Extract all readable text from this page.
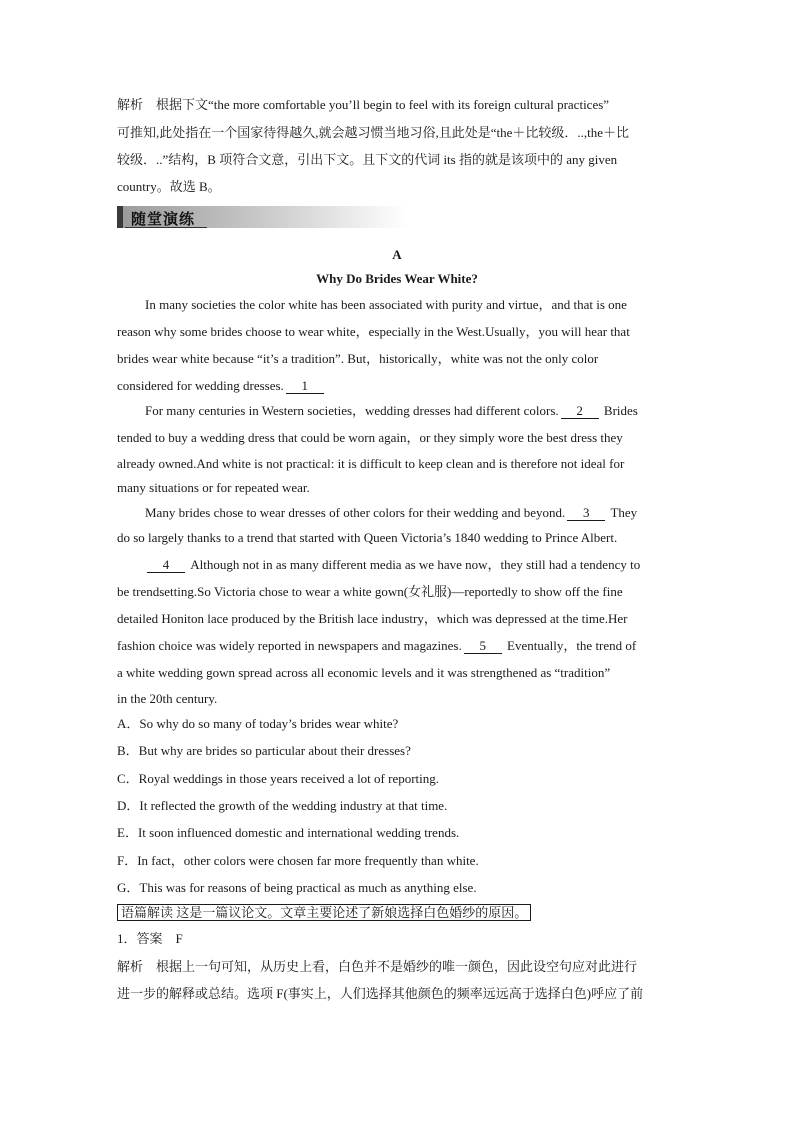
解析　根据下文“the more comfortable you’ll begin to feel with its foreign cultural practices”
可推知,此处指在一个国家待得越久,就会越习惯当地习俗,且此处是“the＋比较级．..,the＋比
较级．..”结构，B 项符合文意，引出下文。且下文的代词 its 指的就是该项中的 any given
country。故选 B。
随堂演练
A
Why Do Brides Wear White?
In many societies the color white has been associated with purity and virtue，and that is one
reason why some brides choose to wear white，especially in the West.Usually，you will hear that
brides wear white because “it’s a tradition”. But，historically，white was not the only color
considered for wedding dresses. 1
For many centuries in Western societies，wedding dresses had different colors. 2 Brides
tended to buy a wedding dress that could be worn again，or they simply wore the best dress they
already owned.And white is not practical: it is difficult to keep clean and is therefore not ideal for
many situations or for repeated wear.
Many brides chose to wear dresses of other colors for their wedding and beyond. 3 They
do so largely thanks to a trend that started with Queen Victoria’s 1840 wedding to Prince Albert.
4 Although not in as many different media as we have now，they still had a tendency to
be trendsetting.So Victoria chose to wear a white gown(女礼服)—reportedly to show off the fine
detailed Honiton lace produced by the British lace industry，which was depressed at the time.Her
fashion choice was widely reported in newspapers and magazines. 5 Eventually，the trend of
a white wedding gown spread across all economic levels and it was strengthened as “tradition”
in the 20th century.
A．So why do so many of today’s brides wear white?
B．But why are brides so particular about their dresses?
C．Royal weddings in those years received a lot of reporting.
D．It reflected the growth of the wedding industry at that time.
E．It soon influenced domestic and international wedding trends.
F．In fact，other colors were chosen far more frequently than white.
G．This was for reasons of being practical as much as anything else.
语篇解读 这是一篇议论文。文章主要论述了新娘选择白色婚纱的原因。
1．答案　F
解析　根据上一句可知，从历史上看，白色并不是婚纱的唯一颜色，因此设空句应对此进行
进一步的解释或总结。选项 F(事实上，人们选择其他颜色的频率远远高于选择白色)呼应了前
